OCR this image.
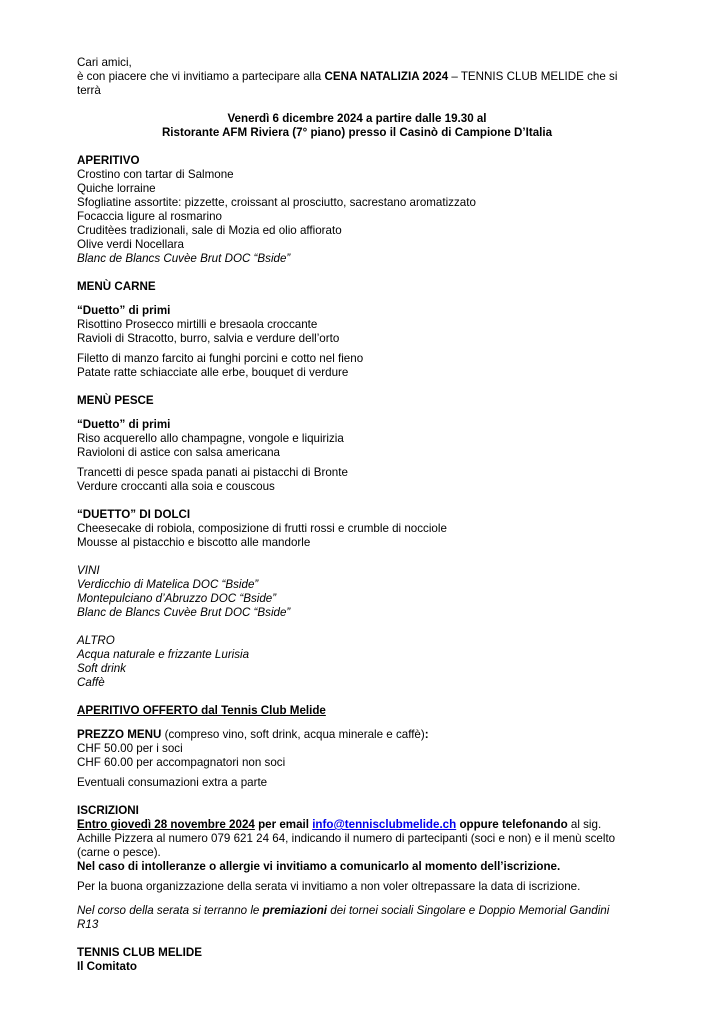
Cari amici,

è con piacere che vi invitiamo a partecipare alla CENA NATALIZIA 2024 – TENNIS CLUB MELIDE che si

terrà

Venerdì 6 dicembre 2024 a partire dalle 19.30 al

Ristorante AFM Riviera (7° piano) presso il Casinò di Campione D’Italia

APERITIVO

Crostino con tartar di Salmone

Quiche lorraine

Sfogliatine assortite: pizzette, croissant al prosciutto, sacrestano aromatizzato

Focaccia ligure al rosmarino

Cruditèes tradizionali, sale di Mozia ed olio affiorato

Olive verdi Nocellara

Blanc de Blancs Cuvèe Brut DOC “Bside”

MENÙ CARNE

“Duetto” di primi

Risottino Prosecco mirtilli e bresaola croccante

Ravioli di Stracotto, burro, salvia e verdure dell’orto

Filetto di manzo farcito ai funghi porcini e cotto nel fieno

Patate ratte schiacciate alle erbe, bouquet di verdure

MENÙ PESCE

“Duetto” di primi

Riso acquerello allo champagne, vongole e liquirizia

Ravioloni di astice con salsa americana

Trancetti di pesce spada panati ai pistacchi di Bronte

Verdure croccanti alla soia e couscous

“DUETTO” DI DOLCI

Cheesecake di robiola, composizione di frutti rossi e crumble di nocciole

Mousse al pistacchio e biscotto alle mandorle

VINI

Verdicchio di Matelica DOC “Bside”

Montepulciano d’Abruzzo DOC “Bside”

Blanc de Blancs Cuvèe Brut DOC “Bside”

ALTRO

Acqua naturale e frizzante Lurisia

Soft drink

Caffè

APERITIVO OFFERTO dal Tennis Club Melide

PREZZO MENU (compreso vino, soft drink, acqua minerale e caffè):

CHF 50.00 per i soci

CHF 60.00 per accompagnatori non soci

Eventuali consumazioni extra a parte

ISCRIZIONI

Entro giovedì 28 novembre 2024 per email info@tennisclubmelide.ch oppure telefonando al sig.

Achille Pizzera al numero 079 621 24 64, indicando il numero di partecipanti (soci e non) e il menù scelto

(carne o pesce).

Nel caso di intolleranze o allergie vi invitiamo a comunicarlo al momento dell’iscrizione.

Per la buona organizzazione della serata vi invitiamo a non voler oltrepassare la data di iscrizione.

Nel corso della serata si terranno le premiazioni dei tornei sociali Singolare e Doppio Memorial Gandini

R13

TENNIS CLUB MELIDE

Il Comitato
